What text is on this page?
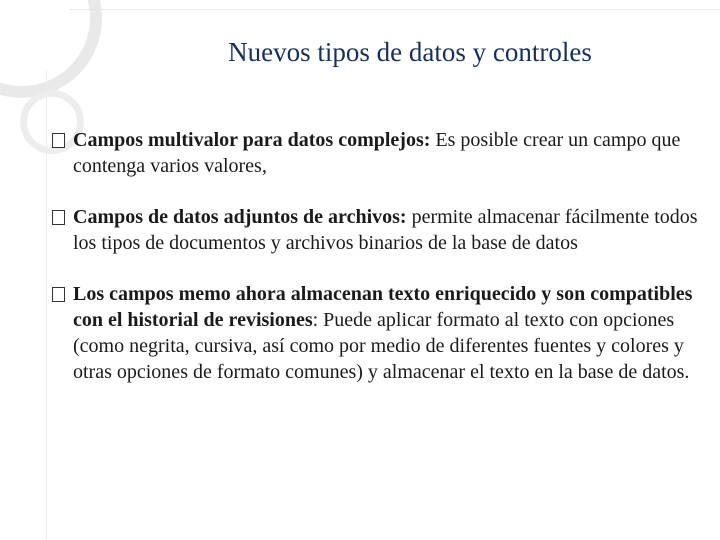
Nuevos tipos de datos y controles
Campos multivalor para datos complejos: Es posible crear un campo que contenga varios valores,
Campos de datos adjuntos de archivos: permite almacenar fácilmente todos los tipos de documentos y archivos binarios de la base de datos
Los campos memo ahora almacenan texto enriquecido y son compatibles con el historial de revisiones: Puede aplicar formato al texto con opciones (como negrita, cursiva, así como por medio de diferentes fuentes y colores y otras opciones de formato comunes) y almacenar el texto en la base de datos.
